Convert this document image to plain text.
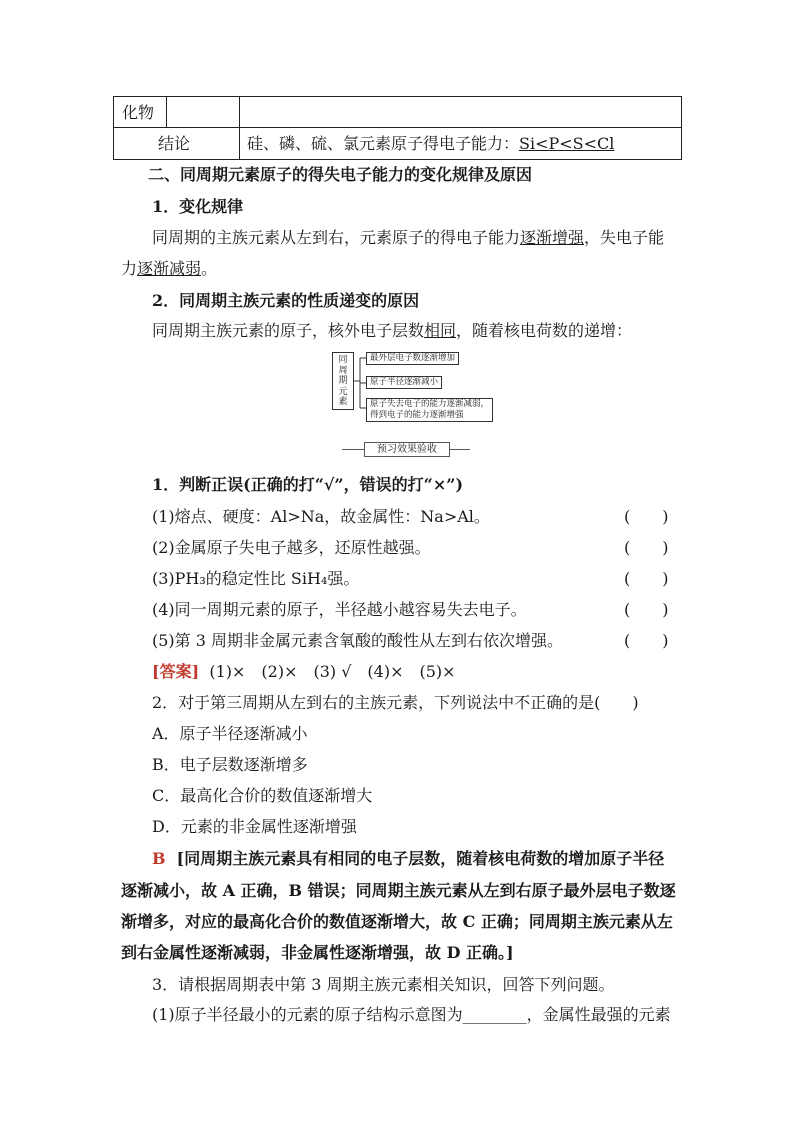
化物
结论	硅、磷、硫、氯元素原子得电子能力：Si<P<S<Cl
二、同周期元素原子的得失电子能力的变化规律及原因
1．变化规律
同周期的主族元素从左到右，元素原子的得电子能力逐渐增强，失电子能
力逐渐减弱。
2．同周期主族元素的性质递变的原因
同周期主族元素的原子，核外电子层数相同，随着核电荷数的递增：
同
周
期
元
素
最外层电子数逐渐增加
原子半径逐渐减小
原子失去电子的能力逐渐减弱，
得到电子的能力逐渐增强
预习效果验收
1．判断正误(正确的打“√”，错误的打“×”)
(1)熔点、硬度：Al>Na，故金属性：Na>Al。	(　　)
(2)金属原子失电子越多，还原性越强。	(　　)
(3)PH₃的稳定性比 SiH₄强。	(　　)
(4)同一周期元素的原子，半径越小越容易失去电子。	(　　)
(5)第 3 周期非金属元素含氧酸的酸性从左到右依次增强。	(　　)
[答案] (1)×　(2)×　(3) √　(4)×　(5)×
2．对于第三周期从左到右的主族元素，下列说法中不正确的是(　　)
A．原子半径逐渐减小
B．电子层数逐渐增多
C．最高化合价的数值逐渐增大
D．元素的非金属性逐渐增强
B [同周期主族元素具有相同的电子层数，随着核电荷数的增加原子半径
逐渐减小，故 A 正确，B 错误；同周期主族元素从左到右原子最外层电子数逐
渐增多，对应的最高化合价的数值逐渐增大，故 C 正确；同周期主族元素从左
到右金属性逐渐减弱，非金属性逐渐增强，故 D 正确。]
3．请根据周期表中第 3 周期主族元素相关知识，回答下列问题。
(1)原子半径最小的元素的原子结构示意图为________，金属性最强的元素
